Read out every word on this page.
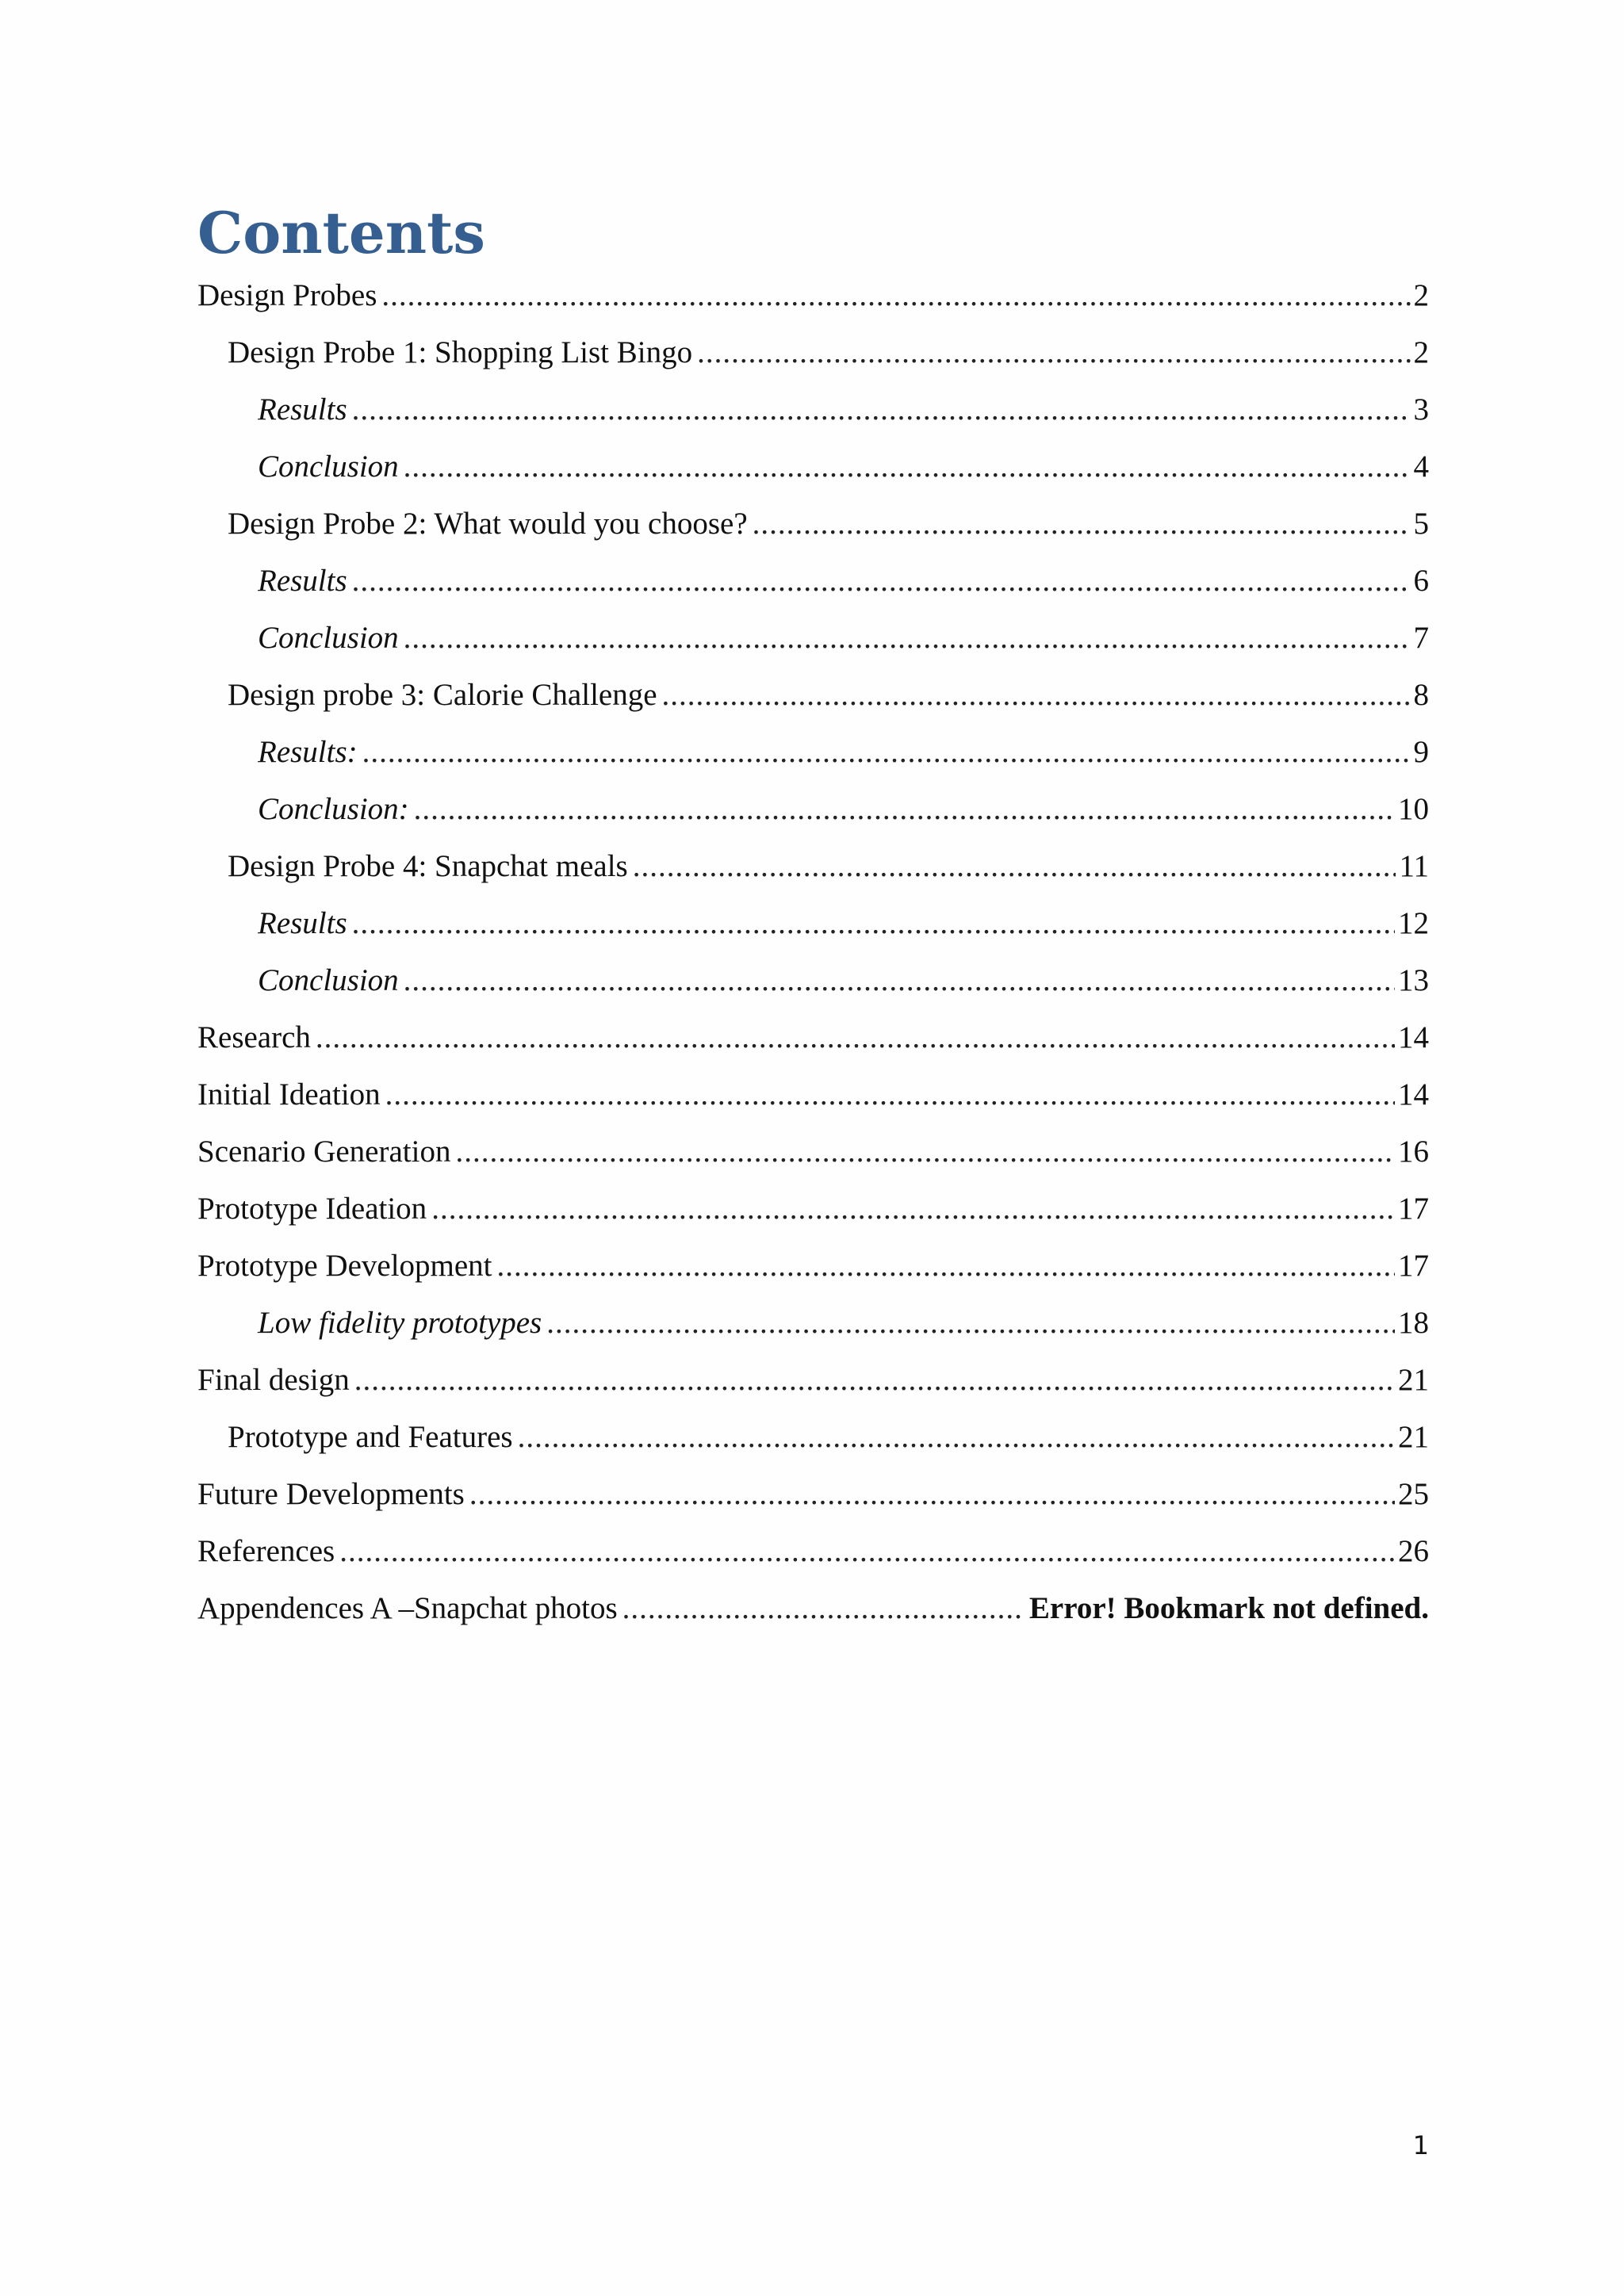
Contents
Design Probes .....	2
Design Probe 1: Shopping List Bingo .....	2
Results .....	3
Conclusion .....	4
Design Probe 2: What would you choose? .....	5
Results .....	6
Conclusion .....	7
Design probe 3: Calorie Challenge .....	8
Results: .....	9
Conclusion: .....	10
Design Probe 4: Snapchat meals .....	11
Results .....	12
Conclusion .....	13
Research .....	14
Initial Ideation .....	14
Scenario Generation .....	16
Prototype Ideation .....	17
Prototype Development .....	17
Low fidelity prototypes .....	18
Final design .....	21
Prototype and Features .....	21
Future Developments .....	25
References .....	26
Appendences A –Snapchat photos .....	Error! Bookmark not defined.
1
